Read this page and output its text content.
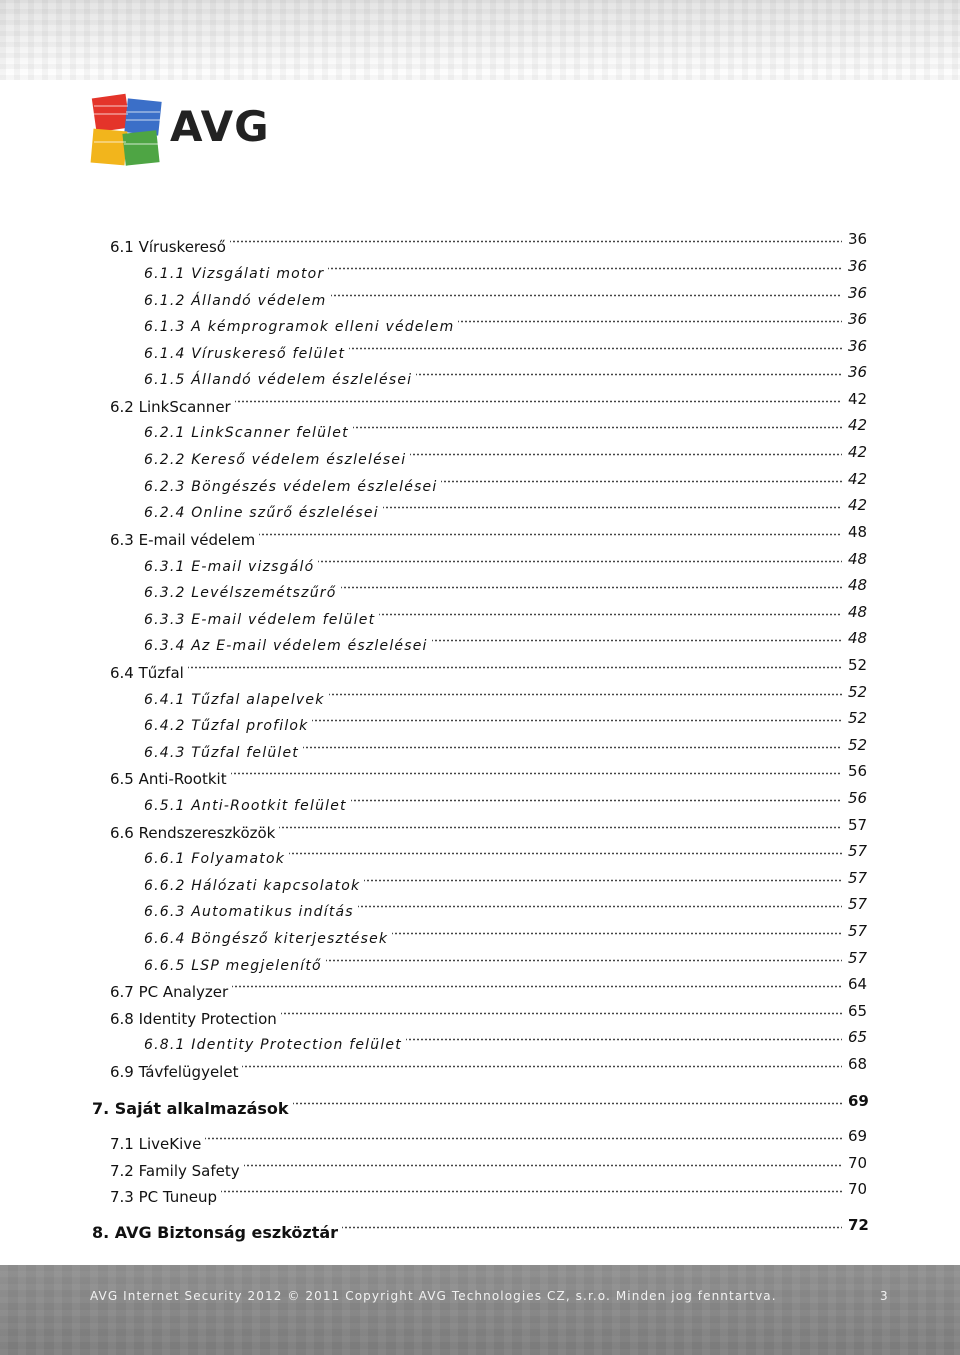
AVG
6.1 Víruskereső	36
6.1.1 Vizsgálati motor	36
6.1.2 Állandó védelem	36
6.1.3 A kémprogramok elleni védelem	36
6.1.4 Víruskereső felület	36
6.1.5 Állandó védelem észlelései	36
6.2 LinkScanner	42
6.2.1 LinkScanner felület	42
6.2.2 Kereső védelem észlelései	42
6.2.3 Böngészés védelem észlelései	42
6.2.4 Online szűrő észlelései	42
6.3 E-mail védelem	48
6.3.1 E-mail vizsgáló	48
6.3.2 Levélszemétszűrő	48
6.3.3 E-mail védelem felület	48
6.3.4 Az E-mail védelem észlelései	48
6.4 Tűzfal	52
6.4.1 Tűzfal alapelvek	52
6.4.2 Tűzfal profilok	52
6.4.3 Tűzfal felület	52
6.5 Anti-Rootkit	56
6.5.1 Anti-Rootkit felület	56
6.6 Rendszereszközök	57
6.6.1 Folyamatok	57
6.6.2 Hálózati kapcsolatok	57
6.6.3 Automatikus indítás	57
6.6.4 Böngésző kiterjesztések	57
6.6.5 LSP megjelenítő	57
6.7 PC Analyzer	64
6.8 Identity Protection	65
6.8.1 Identity Protection felület	65
6.9 Távfelügyelet	68
7. Saját alkalmazások	69
7.1 LiveKive	69
7.2 Family Safety	70
7.3 PC Tuneup	70
8. AVG Biztonság eszköztár	72
AVG Internet Security 2012 © 2011 Copyright AVG Technologies CZ, s.r.o. Minden jog fenntartva.	3
